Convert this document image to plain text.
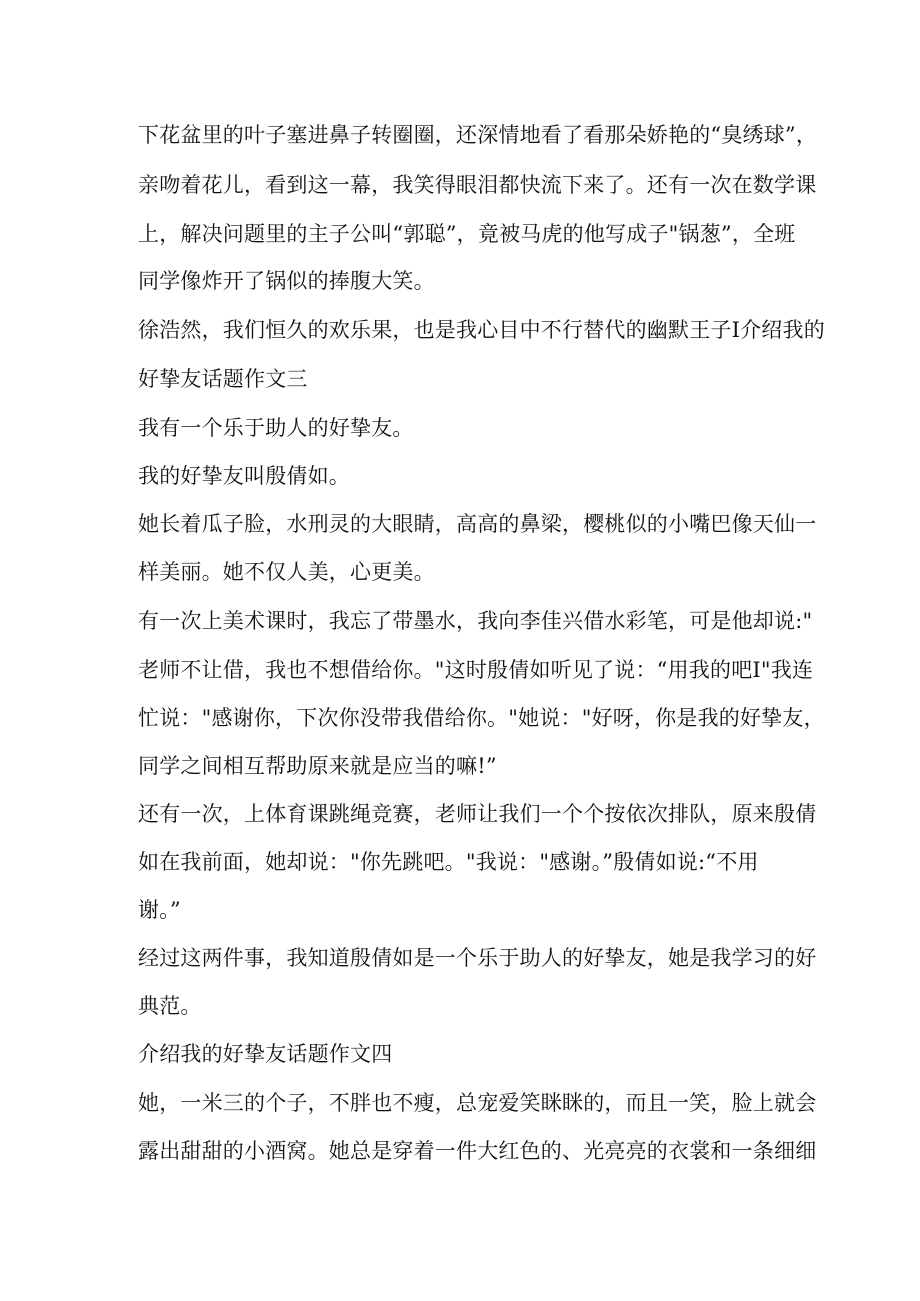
下花盆里的叶子塞进鼻子转圈圈，还深情地看了看那朵娇艳的“臭绣球”，
亲吻着花儿，看到这一幕，我笑得眼泪都快流下来了。还有一次在数学课
上，解决问题里的主子公叫“郭聪”，竟被马虎的他写成子"锅葱”，全班
同学像炸开了锅似的捧腹大笑。
徐浩然，我们恒久的欢乐果，也是我心目中不行替代的幽默王子I介绍我的
好挚友话题作文三
我有一个乐于助人的好挚友。
我的好挚友叫殷倩如。
她长着瓜子脸，水刑灵的大眼睛，高高的鼻梁，樱桃似的小嘴巴像天仙一
样美丽。她不仅人美，心更美。
有一次上美术课时，我忘了带墨水，我向李佳兴借水彩笔，可是他却说:"
老师不让借，我也不想借给你。"这时殷倩如听见了说：“用我的吧I"我连
忙说："感谢你，下次你没带我借给你。"她说："好呀，你是我的好挚友，
同学之间相互帮助原来就是应当的嘛!”
还有一次，上体育课跳绳竞赛，老师让我们一个个按依次排队，原来殷倩
如在我前面，她却说："你先跳吧。"我说："感谢。”殷倩如说:“不用
谢。”
经过这两件事，我知道殷倩如是一个乐于助人的好挚友，她是我学习的好
典范。
介绍我的好挚友话题作文四
她，一米三的个子，不胖也不瘦，总宠爱笑眯眯的，而且一笑，脸上就会
露出甜甜的小酒窝。她总是穿着一件大红色的、光亮亮的衣裳和一条细细
